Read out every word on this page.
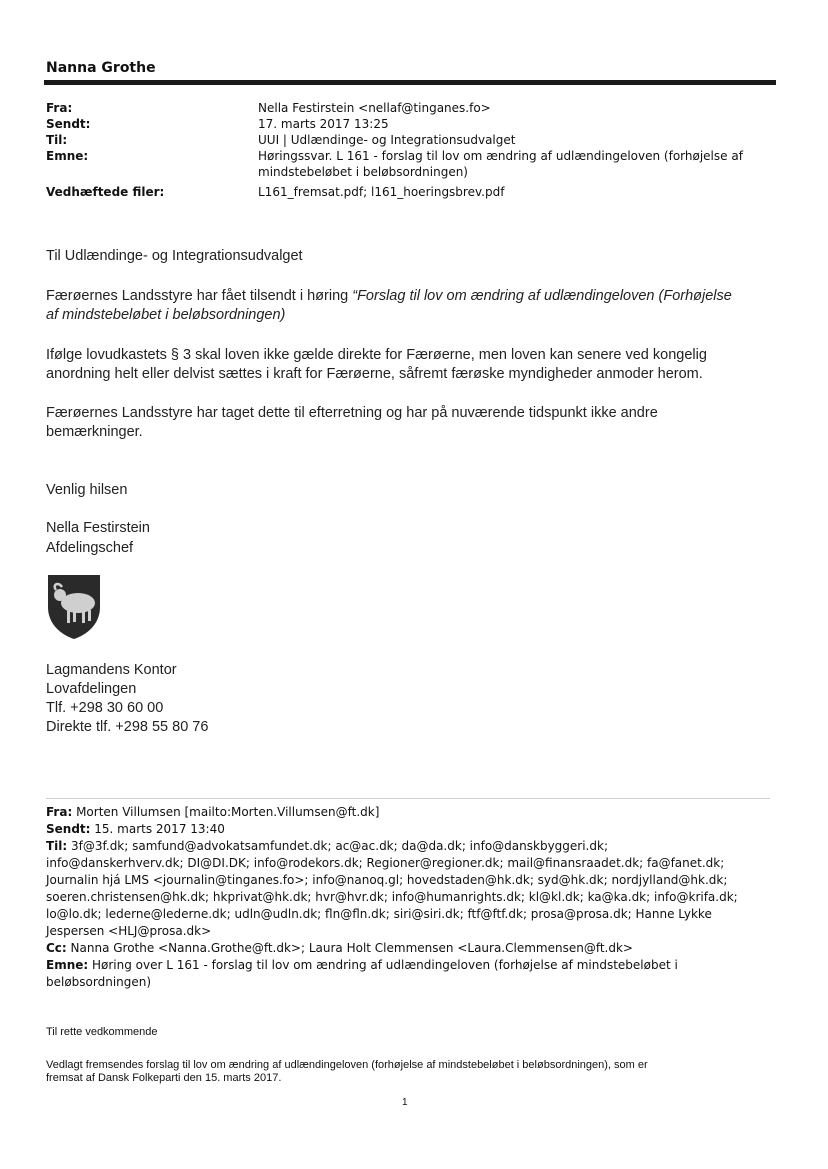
Nanna Grothe
Fra:	Nella Festirstein <nellaf@tinganes.fo>
Sendt:	17. marts 2017 13:25
Til:	UUI | Udlændinge- og Integrationsudvalget
Emne:	Høringssvar. L 161 - forslag til lov om ændring af udlændingeloven (forhøjelse af
mindstebeløbet i beløbsordningen)
Vedhæftede filer:	L161_fremsat.pdf; l161_hoeringsbrev.pdf
Til Udlændinge- og Integrationsudvalget
Færøernes Landsstyre har fået tilsendt i høring “Forslag til lov om ændring af udlændingeloven (Forhøjelse
af mindstebeløbet i beløbsordningen)
Ifølge lovudkastets § 3 skal loven ikke gælde direkte for Færøerne, men loven kan senere ved kongelig
anordning helt eller delvist sættes i kraft for Færøerne, såfremt færøske myndigheder anmoder herom.
Færøernes Landsstyre har taget dette til efterretning og har på nuværende tidspunkt ikke andre
bemærkninger.
Venlig hilsen
Nella Festirstein
Afdelingschef
Lagmandens Kontor
Lovafdelingen
Tlf. +298 30 60 00
Direkte tlf. +298 55 80 76
Fra: Morten Villumsen [mailto:Morten.Villumsen@ft.dk]
Sendt: 15. marts 2017 13:40
Til: 3f@3f.dk; samfund@advokatsamfundet.dk; ac@ac.dk; da@da.dk; info@danskbyggeri.dk;
info@danskerhverv.dk; DI@DI.DK; info@rodekors.dk; Regioner@regioner.dk; mail@finansraadet.dk; fa@fanet.dk;
Journalin hjá LMS <journalin@tinganes.fo>; info@nanoq.gl; hovedstaden@hk.dk; syd@hk.dk; nordjylland@hk.dk;
soeren.christensen@hk.dk; hkprivat@hk.dk; hvr@hvr.dk; info@humanrights.dk; kl@kl.dk; ka@ka.dk; info@krifa.dk;
lo@lo.dk; lederne@lederne.dk; udln@udln.dk; fln@fln.dk; siri@siri.dk; ftf@ftf.dk; prosa@prosa.dk; Hanne Lykke
Jespersen <HLJ@prosa.dk>
Cc: Nanna Grothe <Nanna.Grothe@ft.dk>; Laura Holt Clemmensen <Laura.Clemmensen@ft.dk>
Emne: Høring over L 161 - forslag til lov om ændring af udlændingeloven (forhøjelse af mindstebeløbet i
beløbsordningen)
Til rette vedkommende
Vedlagt fremsendes forslag til lov om ændring af udlændingeloven (forhøjelse af mindstebeløbet i beløbsordningen), som er
fremsat af Dansk Folkeparti den 15. marts 2017.
1
